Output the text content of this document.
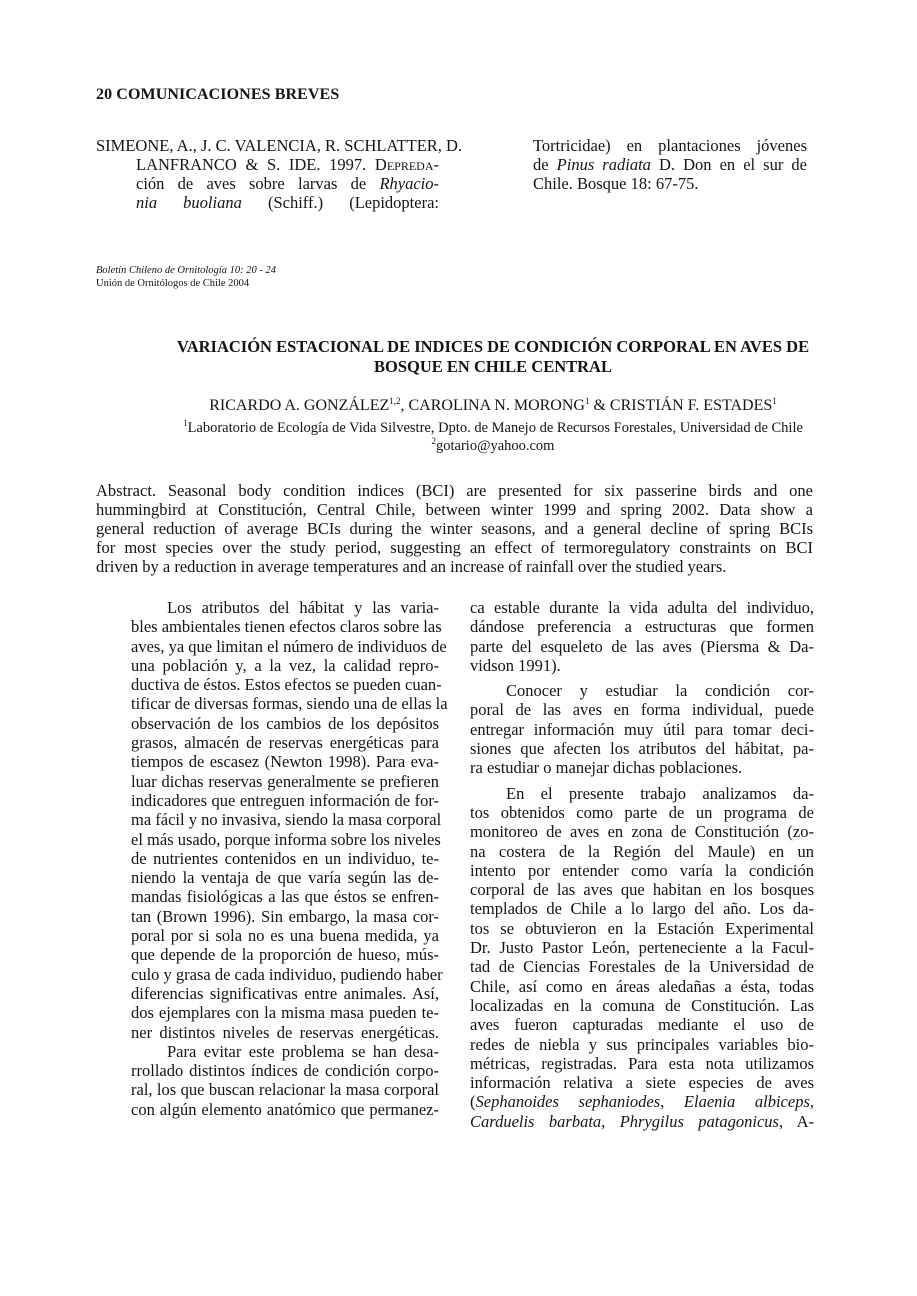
20 COMUNICACIONES BREVES
SIMEONE, A., J. C. VALENCIA, R. SCHLATTER, D.
LANFRANCO & S. IDE. 1997. Depreda-
ción de aves sobre larvas de Rhyacio-
nia buoliana (Schiff.) (Lepidoptera:
Tortricidae) en plantaciones jóvenes
de Pinus radiata D. Don en el sur de
Chile. Bosque 18: 67-75.
Boletín Chileno de Ornitología 10: 20 - 24
Unión de Ornitólogos de Chile 2004
VARIACIÓN ESTACIONAL DE INDICES DE CONDICIÓN CORPORAL EN AVES DE
BOSQUE EN CHILE CENTRAL
RICARDO A. GONZÁLEZ$^{1,2}$, CAROLINA N. MORONG$^1$ & CRISTIÁN F. ESTADES$^1$
$^1$Laboratorio de Ecología de Vida Silvestre, Dpto. de Manejo de Recursos Forestales, Universidad de Chile
$^2$gotario@yahoo.com
Abstract. Seasonal body condition indices (BCI) are presented for six passerine birds and one
hummingbird at Constitución, Central Chile, between winter 1999 and spring 2002. Data show a
general reduction of average BCIs during the winter seasons, and a general decline of spring BCIs
for most species over the study period, suggesting an effect of termoregulatory constraints on BCI
driven by a reduction in average temperatures and an increase of rainfall over the studied years.
Los atributos del hábitat y las varia-
bles ambientales tienen efectos claros sobre las
aves, ya que limitan el número de individuos de
una población y, a la vez, la calidad repro-
ductiva de éstos. Estos efectos se pueden cuan-
tificar de diversas formas, siendo una de ellas la
observación de los cambios de los depósitos
grasos, almacén de reservas energéticas para
tiempos de escasez (Newton 1998). Para eva-
luar dichas reservas generalmente se prefieren
indicadores que entreguen información de for-
ma fácil y no invasiva, siendo la masa corporal
el más usado, porque informa sobre los niveles
de nutrientes contenidos en un individuo, te-
niendo la ventaja de que varía según las de-
mandas fisiológicas a las que éstos se enfren-
tan (Brown 1996). Sin embargo, la masa cor-
poral por si sola no es una buena medida, ya
que depende de la proporción de hueso, mús-
culo y grasa de cada individuo, pudiendo haber
diferencias significativas entre animales. Así,
dos ejemplares con la misma masa pueden te-
ner distintos niveles de reservas energéticas.
Para evitar este problema se han desa-
rrollado distintos índices de condición corpo-
ral, los que buscan relacionar la masa corporal
con algún elemento anatómico que permanez-
ca estable durante la vida adulta del individuo,
dándose preferencia a estructuras que formen
parte del esqueleto de las aves (Piersma & Da-
vidson 1991).
Conocer y estudiar la condición cor-
poral de las aves en forma individual, puede
entregar información muy útil para tomar deci-
siones que afecten los atributos del hábitat, pa-
ra estudiar o manejar dichas poblaciones.
En el presente trabajo analizamos da-
tos obtenidos como parte de un programa de
monitoreo de aves en zona de Constitución (zo-
na costera de la Región del Maule) en un
intento por entender como varía la condición
corporal de las aves que habitan en los bosques
templados de Chile a lo largo del año. Los da-
tos se obtuvieron en la Estación Experimental
Dr. Justo Pastor León, perteneciente a la Facul-
tad de Ciencias Forestales de la Universidad de
Chile, así como en áreas aledañas a ésta, todas
localizadas en la comuna de Constitución. Las
aves fueron capturadas mediante el uso de
redes de niebla y sus principales variables bio-
métricas, registradas. Para esta nota utilizamos
información relativa a siete especies de aves
(Sephanoides sephaniodes, Elaenia albiceps,
Carduelis barbata, Phrygilus patagonicus, A-
